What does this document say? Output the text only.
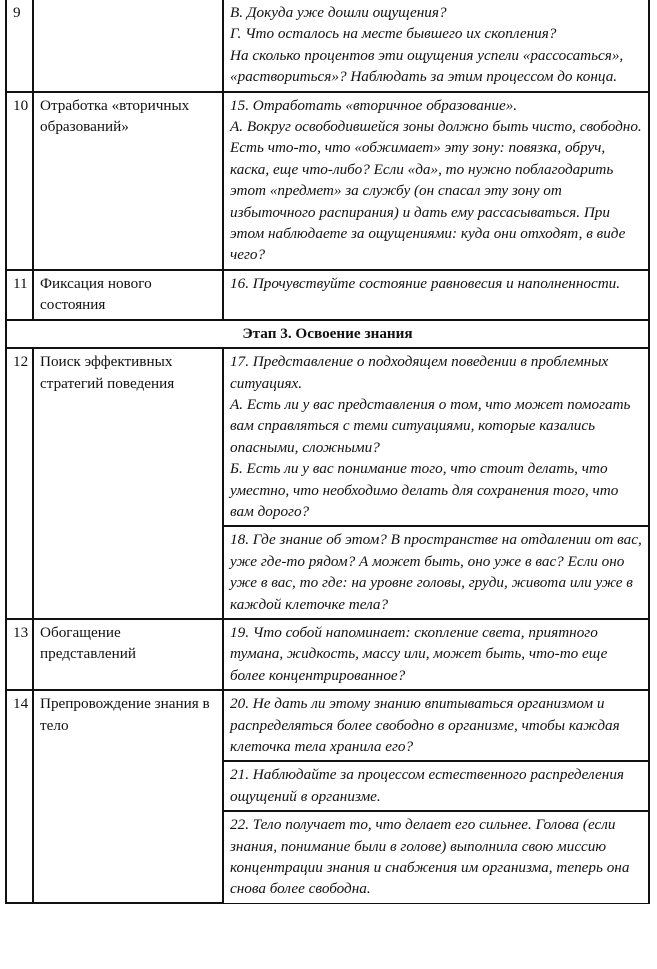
9		В. Докуда уже дошли ощущения?
Г. Что осталось на месте бывшего их скопления?
На сколько процентов эти ощущения успели «рассосаться», «раствориться»? Наблюдать за этим процессом до конца.
10	Отработка «вторичных образований»	15. Отработать «вторичное образование».
А. Вокруг освободившейся зоны должно быть чисто, свободно. Есть что-то, что «обжимает» эту зону: повязка, обруч, каска, еще что-либо? Если «да», то нужно поблагодарить этот «предмет» за службу (он спасал эту зону от избыточного распирания) и дать ему рассасываться. При этом наблюдаете за ощущениями: куда они отходят, в виде чего?
11	Фиксация нового состояния	16. Прочувствуйте состояние равновесия и наполненности.
Этап 3. Освоение знания		
12	Поиск эффективных стратегий поведения	17. Представление о подходящем поведении в проблемных ситуациях.
А. Есть ли у вас представления о том, что может помогать вам справляться с теми ситуациями, которые казались опасными, сложными?
Б. Есть ли у вас понимание того, что стоит делать, что уместно, что необходимо делать для сохранения того, что вам дорого?
		18. Где знание об этом? В пространстве на отдалении от вас, уже где-то рядом? А может быть, оно уже в вас? Если оно уже в вас, то где: на уровне головы, груди, живота или уже в каждой клеточке тела?
13	Обогащение представлений	19. Что собой напоминает: скопление света, приятного тумана, жидкость, массу или, может быть, что-то еще более концентрированное?
14	Препровождение знания в тело	20. Не дать ли этому знанию впитываться организмом и распределяться более свободно в организме, чтобы каждая клеточка тела хранила его?
		21. Наблюдайте за процессом естественного распределения ощущений в организме.
		22. Тело получает то, что делает его сильнее. Голова (если знания, понимание были в голове) выполнила свою миссию концентрации знания и снабжения им организма, теперь она снова более свободна.
